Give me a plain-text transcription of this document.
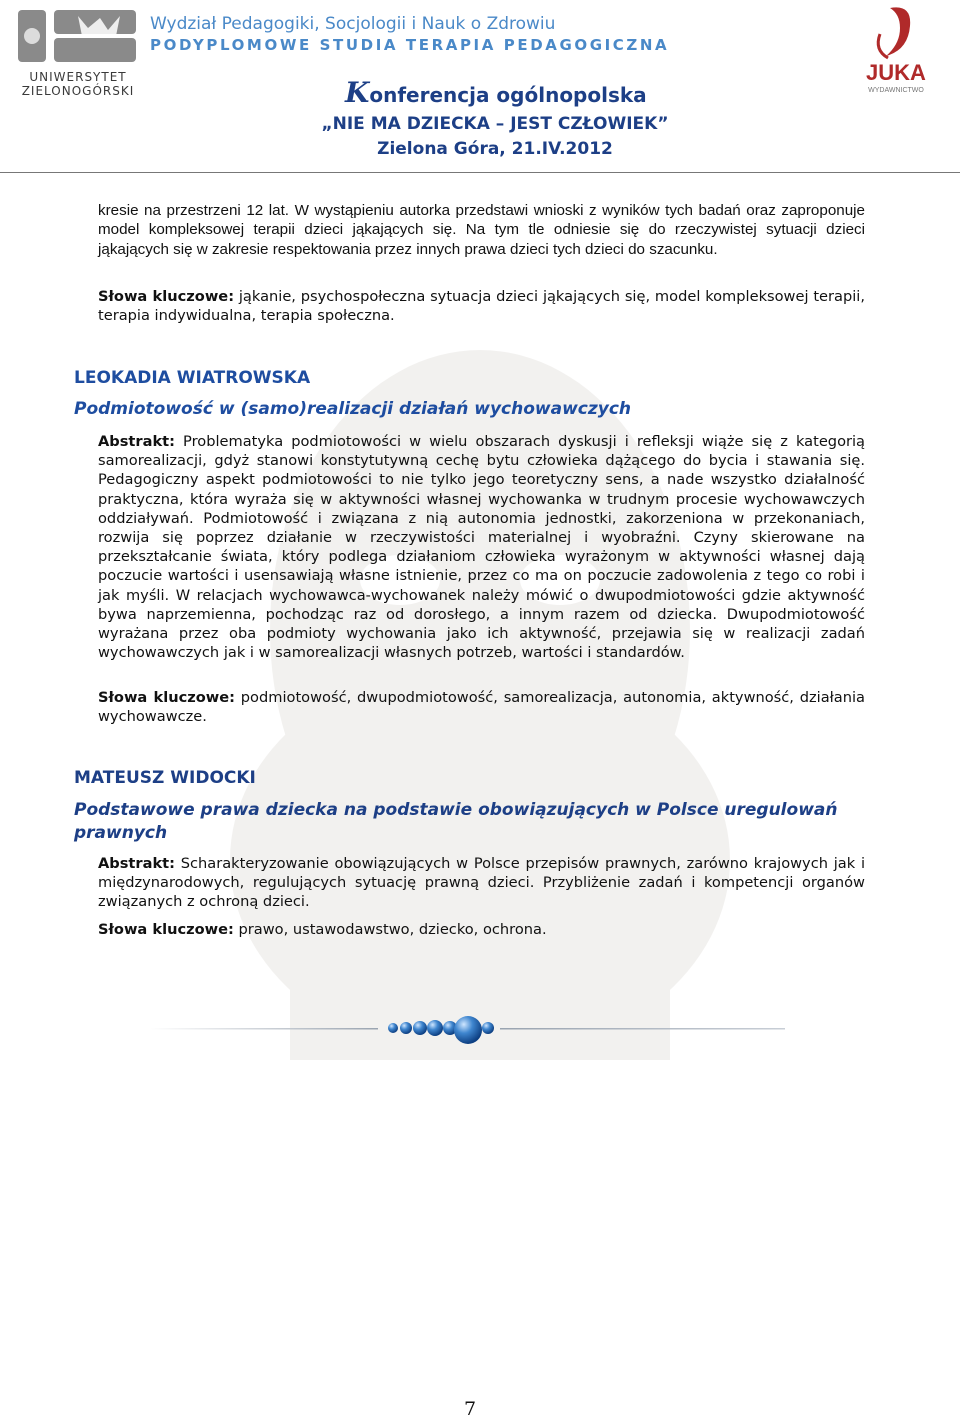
UNIWERSYTET
ZIELONOGÓRSKI
Wydział Pedagogiki, Socjologii i Nauk o Zdrowiu
PODYPLOMOWE STUDIA TERAPIA PEDAGOGICZNA
Konferencja ogólnopolska
„NIE MA DZIECKA – JEST CZŁOWIEK”
Zielona Góra, 21.IV.2012
JUKA
WYDAWNICTWO
kresie na przestrzeni 12 lat. W wystąpieniu autorka przedstawi wnioski z wyników tych badań oraz zaproponuje model kompleksowej terapii dzieci jąkających się. Na tym tle odniesie się do rzeczywistej sytuacji dzieci jąkających się w zakresie respektowania przez innych prawa dzieci tych dzieci do szacunku.
Słowa kluczowe: jąkanie, psychospołeczna sytuacja dzieci jąkających się, model kompleksowej terapii, terapia indywidualna, terapia społeczna.
LEOKADIA WIATROWSKA
Podmiotowość w (samo)realizacji działań wychowawczych
Abstrakt: Problematyka podmiotowości w wielu obszarach dyskusji i refleksji wiąże się z kategorią samorealizacji, gdyż stanowi konstytutywną cechę bytu człowieka dążącego do bycia i stawania się. Pedagogiczny aspekt podmiotowości to nie tylko jego teoretyczny sens, a nade wszystko działalność praktyczna, która wyraża się w aktywności własnej wychowanka w trudnym procesie wychowawczych oddziaływań. Podmiotowość i związana z nią autonomia jednostki, zakorzeniona w przekonaniach, rozwija się poprzez działanie w rzeczywistości materialnej i wyobraźni. Czyny skierowane na przekształcanie świata, który podlega działaniom człowieka wyrażonym w aktywności własnej dają poczucie wartości i usensawiają własne istnienie, przez co ma on poczucie zadowolenia z tego co robi i jak myśli. W relacjach wychowawca-wychowanek należy mówić o dwupodmiotowości gdzie aktywność bywa naprzemienna, pochodząc raz od dorosłego, a innym razem od dziecka. Dwupodmiotowość wyrażana przez oba podmioty wychowania jako ich aktywność, przejawia się w realizacji zadań wychowawczych jak i w samorealizacji własnych potrzeb, wartości i standardów.
Słowa kluczowe: podmiotowość, dwupodmiotowość, samorealizacja, autonomia, aktywność, działania wychowawcze.
MATEUSZ WIDOCKI
Podstawowe prawa dziecka na podstawie obowiązujących w Polsce uregulowań prawnych
Abstrakt: Scharakteryzowanie obowiązujących w Polsce przepisów prawnych, zarówno krajowych jak i międzynarodowych, regulujących sytuację prawną dzieci. Przybliżenie zadań i kompetencji organów związanych z ochroną dzieci.
Słowa kluczowe: prawo, ustawodawstwo, dziecko, ochrona.
7
